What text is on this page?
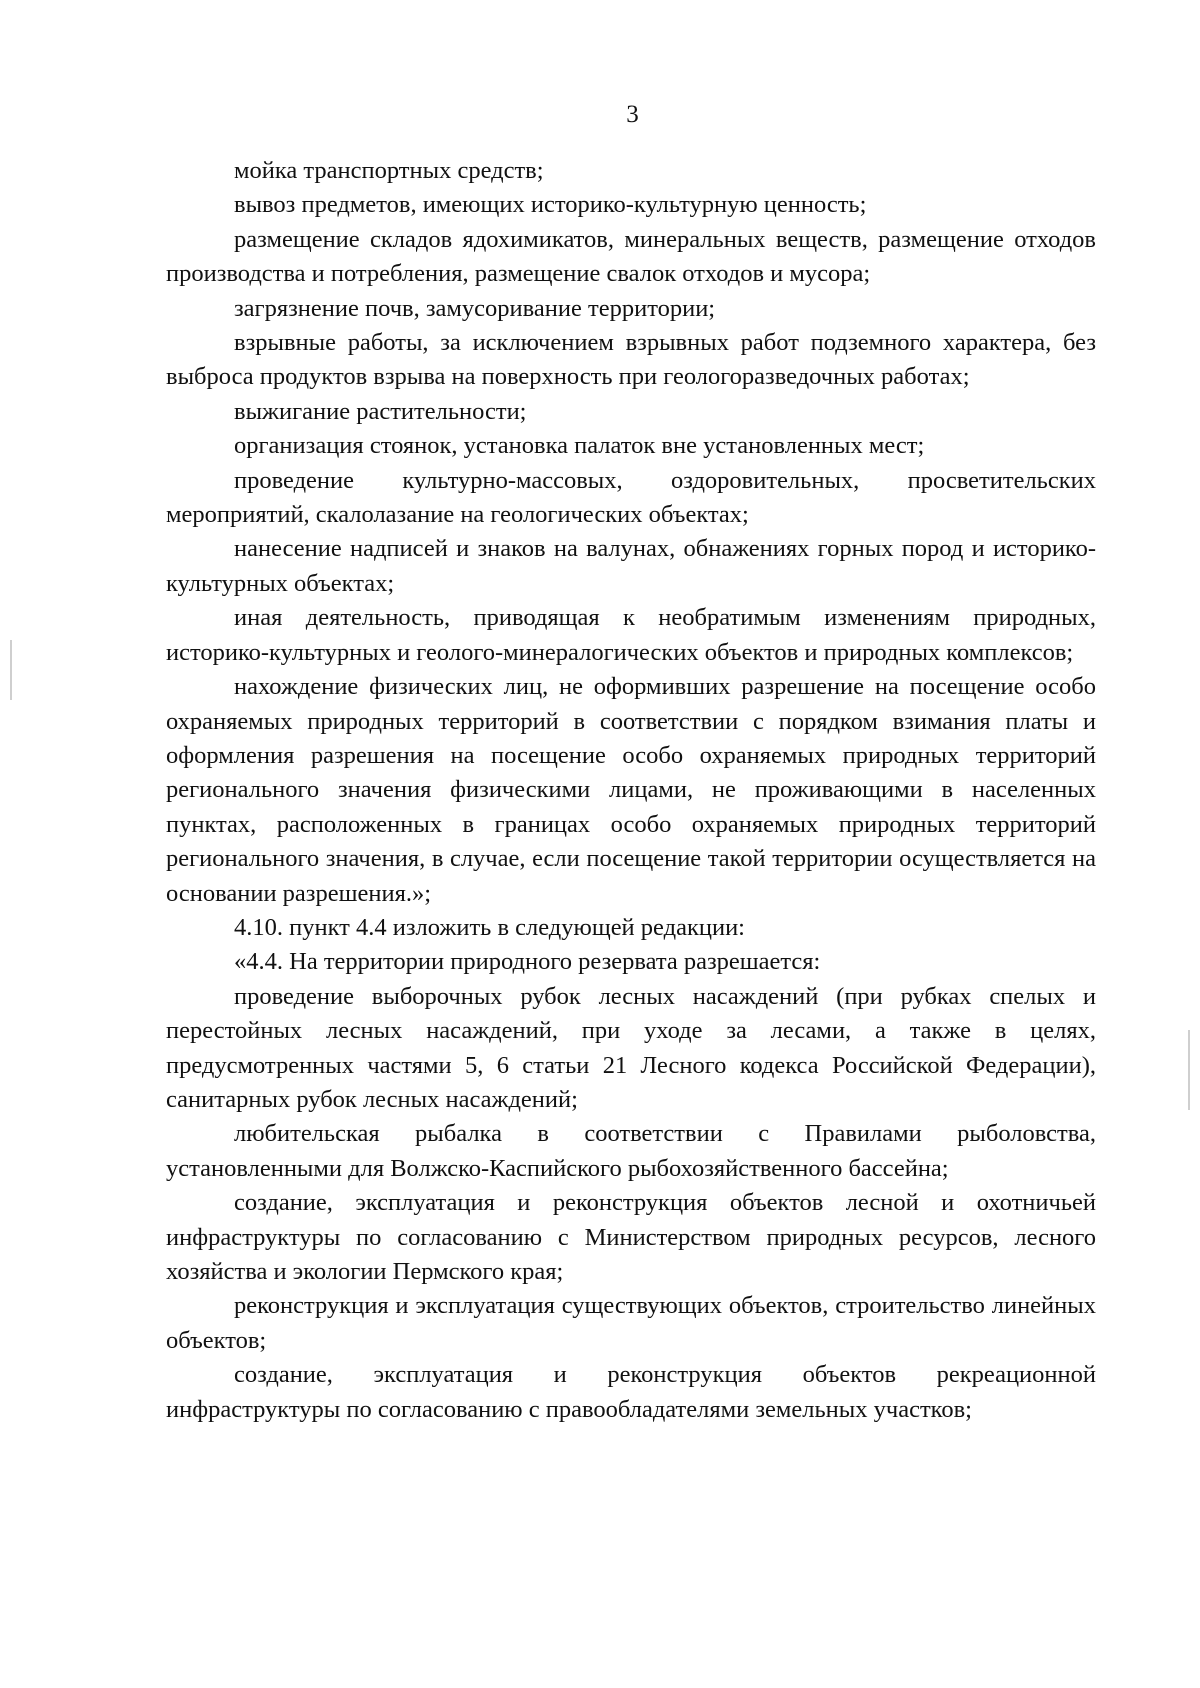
3

мойка транспортных средств;

вывоз предметов, имеющих историко-культурную ценность;

размещение складов ядохимикатов, минеральных веществ, размещение отходов производства и потребления, размещение свалок отходов и мусора;

загрязнение почв, замусоривание территории;

взрывные работы, за исключением взрывных работ подземного характера, без выброса продуктов взрыва на поверхность при геологоразведочных работах;

выжигание растительности;

организация стоянок, установка палаток вне установленных мест;

проведение культурно-массовых, оздоровительных, просветительских мероприятий, скалолазание на геологических объектах;

нанесение надписей и знаков на валунах, обнажениях горных пород и историко-культурных объектах;

иная деятельность, приводящая к необратимым изменениям природных, историко-культурных и геолого-минералогических объектов и природных комплексов;

нахождение физических лиц, не оформивших разрешение на посещение особо охраняемых природных территорий в соответствии с порядком взимания платы и оформления разрешения на посещение особо охраняемых природных территорий регионального значения физическими лицами, не проживающими в населенных пунктах, расположенных в границах особо охраняемых природных территорий регионального значения, в случае, если посещение такой территории осуществляется на основании разрешения.»;

4.10. пункт 4.4 изложить в следующей редакции:

«4.4. На территории природного резервата разрешается:

проведение выборочных рубок лесных насаждений (при рубках спелых и перестойных лесных насаждений, при уходе за лесами, а также в целях, предусмотренных частями 5, 6 статьи 21 Лесного кодекса Российской Федерации), санитарных рубок лесных насаждений;

любительская рыбалка в соответствии с Правилами рыболовства, установленными для Волжско-Каспийского рыбохозяйственного бассейна;

создание, эксплуатация и реконструкция объектов лесной и охотничьей инфраструктуры по согласованию с Министерством природных ресурсов, лесного хозяйства и экологии Пермского края;

реконструкция и эксплуатация существующих объектов, строительство линейных объектов;

создание, эксплуатация и реконструкция объектов рекреационной инфраструктуры по согласованию с правообладателями земельных участков;
